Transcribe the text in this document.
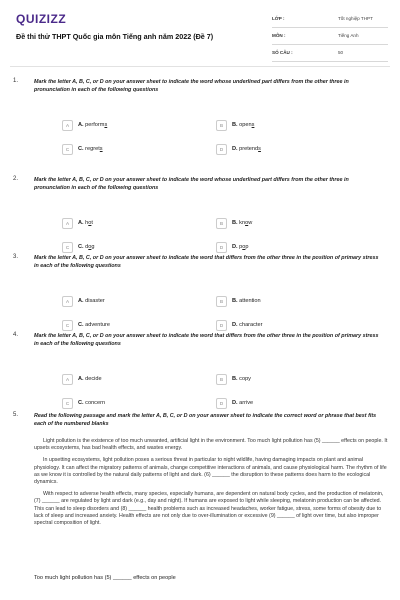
QUIZIZZ
Đề thi thử THPT Quốc gia môn Tiếng anh năm 2022 (Đề 7)
LỚP :	Tốt nghiệp THPT
MÔN :	Tiếng Anh
SỐ CÂU :	50
1.	Mark the letter A, B, C, or D on your answer sheet to indicate the word whose underlined part differs from the other three in pronunciation in each of the following questions
A	A. performs	B	B. opens
C	C. regrets	D	D. pretends
2.	Mark the letter A, B, C, or D on your answer sheet to indicate the word whose underlined part differs from the other three in pronunciation in each of the following questions
A	A. hot	B	B. know
C	C. dog	D	D. pop
3.	Mark the letter A, B, C, or D on your answer sheet to indicate the word that differs from the other three in the position of primary stress in each of the following questions
A	A. disaster	B	B. attention
C	C. adventure	D	D. character
4.	Mark the letter A, B, C, or D on your answer sheet to indicate the word that differs from the other three in the position of primary stress in each of the following questions
A	A. decide	B	B. copy
C	C. concern	D	D. arrive
5.	Read the following passage and mark the letter A, B, C, or D on your answer sheet to indicate the correct word or phrase that best fits each of the numbered blanks

Light pollution is the existence of too much unwanted, artificial light in the environment. Too much light pollution has (5) ______ effects on people. It upsets ecosystems, has bad health effects, and wastes energy.

In upsetting ecosystems, light pollution poses a serious threat in particular to night wildlife, having damaging impacts on plant and animal physiology. It can affect the migratory patterns of animals, change competitive interactions of animals, and cause physiological harm. The rhythm of life as we know it is controlled by the natural daily patterns of light and dark. (6) ______ the disruption to these patterns does harm to the ecological dynamics.

With respect to adverse health effects, many species, especially humans, are dependent on natural body cycles, and the production of melatonin, (7) ______ are regulated by light and dark (e.g., day and night). If humans are exposed to light while sleeping, melatonin production can be affected. This can lead to sleep disorders and (8) ______ health problems such as increased headaches, worker fatigue, stress, some forms of obesity due to lack of sleep and increased anxiety. Health effects are not only due to over-illumination or excessive (9) ______ of light over time, but also improper spectral composition of light.

Too much light pollution has (5) ______ effects on people
